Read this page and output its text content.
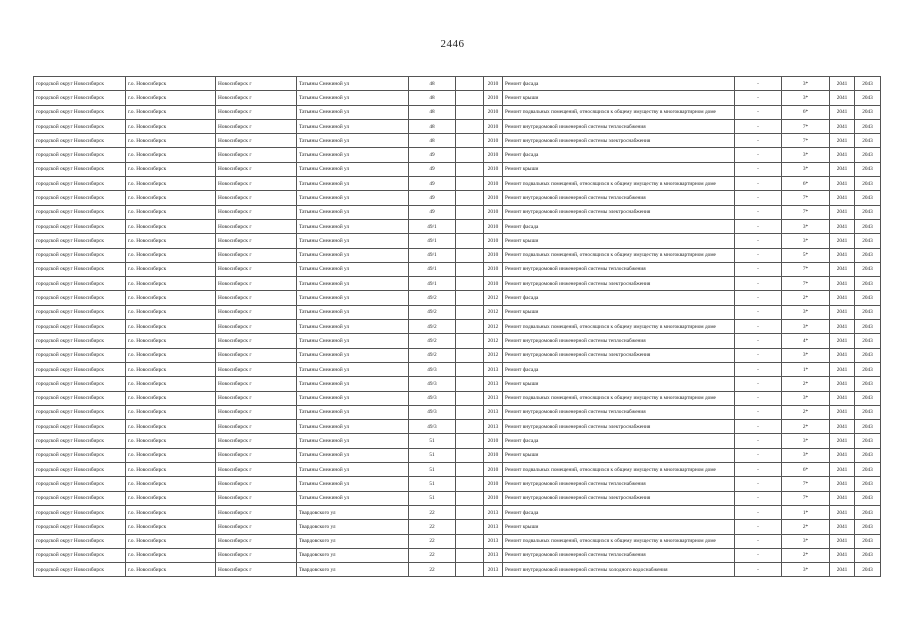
2446
городской округ Новосибирск	г.о. Новосибирск	Новосибирск г	Татьяны Снежиной ул	48		2010	Ремонт фасада	-	3*	2041	2043
городской округ Новосибирск	г.о. Новосибирск	Новосибирск г	Татьяны Снежиной ул	48		2010	Ремонт крыши	-	3*	2041	2043
городской округ Новосибирск	г.о. Новосибирск	Новосибирск г	Татьяны Снежиной ул	48		2010	Ремонт подвальных помещений, относящихся к общему имуществу в многоквартирном доме	-	6*	2041	2043
городской округ Новосибирск	г.о. Новосибирск	Новосибирск г	Татьяны Снежиной ул	48		2010	Ремонт внутридомовой инженерной системы теплоснабжения	-	7*	2041	2043
городской округ Новосибирск	г.о. Новосибирск	Новосибирск г	Татьяны Снежиной ул	48		2010	Ремонт внутридомовой инженерной системы электроснабжения	-	7*	2041	2043
городской округ Новосибирск	г.о. Новосибирск	Новосибирск г	Татьяны Снежиной ул	49		2010	Ремонт фасада	-	3*	2041	2043
городской округ Новосибирск	г.о. Новосибирск	Новосибирск г	Татьяны Снежиной ул	49		2010	Ремонт крыши	-	3*	2041	2043
городской округ Новосибирск	г.о. Новосибирск	Новосибирск г	Татьяны Снежиной ул	49		2010	Ремонт подвальных помещений, относящихся к общему имуществу в многоквартирном доме	-	6*	2041	2043
городской округ Новосибирск	г.о. Новосибирск	Новосибирск г	Татьяны Снежиной ул	49		2010	Ремонт внутридомовой инженерной системы теплоснабжения	-	7*	2041	2043
городской округ Новосибирск	г.о. Новосибирск	Новосибирск г	Татьяны Снежиной ул	49		2010	Ремонт внутридомовой инженерной системы электроснабжения	-	7*	2041	2043
городской округ Новосибирск	г.о. Новосибирск	Новосибирск г	Татьяны Снежиной ул	49/1		2010	Ремонт фасада	-	3*	2041	2043
городской округ Новосибирск	г.о. Новосибирск	Новосибирск г	Татьяны Снежиной ул	49/1		2010	Ремонт крыши	-	3*	2041	2043
городской округ Новосибирск	г.о. Новосибирск	Новосибирск г	Татьяны Снежиной ул	49/1		2010	Ремонт подвальных помещений, относящихся к общему имуществу в многоквартирном доме	-	5*	2041	2043
городской округ Новосибирск	г.о. Новосибирск	Новосибирск г	Татьяны Снежиной ул	49/1		2010	Ремонт внутридомовой инженерной системы теплоснабжения	-	7*	2041	2043
городской округ Новосибирск	г.о. Новосибирск	Новосибирск г	Татьяны Снежиной ул	49/1		2010	Ремонт внутридомовой инженерной системы электроснабжения	-	7*	2041	2043
городской округ Новосибирск	г.о. Новосибирск	Новосибирск г	Татьяны Снежиной ул	49/2		2012	Ремонт фасада	-	2*	2041	2043
городской округ Новосибирск	г.о. Новосибирск	Новосибирск г	Татьяны Снежиной ул	49/2		2012	Ремонт крыши	-	3*	2041	2043
городской округ Новосибирск	г.о. Новосибирск	Новосибирск г	Татьяны Снежиной ул	49/2		2012	Ремонт подвальных помещений, относящихся к общему имуществу в многоквартирном доме	-	3*	2041	2043
городской округ Новосибирск	г.о. Новосибирск	Новосибирск г	Татьяны Снежиной ул	49/2		2012	Ремонт внутридомовой инженерной системы теплоснабжения	-	4*	2041	2043
городской округ Новосибирск	г.о. Новосибирск	Новосибирск г	Татьяны Снежиной ул	49/2		2012	Ремонт внутридомовой инженерной системы электроснабжения	-	3*	2041	2043
городской округ Новосибирск	г.о. Новосибирск	Новосибирск г	Татьяны Снежиной ул	49/3		2013	Ремонт фасада	-	1*	2041	2043
городской округ Новосибирск	г.о. Новосибирск	Новосибирск г	Татьяны Снежиной ул	49/3		2013	Ремонт крыши	-	2*	2041	2043
городской округ Новосибирск	г.о. Новосибирск	Новосибирск г	Татьяны Снежиной ул	49/3		2013	Ремонт подвальных помещений, относящихся к общему имуществу в многоквартирном доме	-	3*	2041	2043
городской округ Новосибирск	г.о. Новосибирск	Новосибирск г	Татьяны Снежиной ул	49/3		2013	Ремонт внутридомовой инженерной системы теплоснабжения	-	2*	2041	2043
городской округ Новосибирск	г.о. Новосибирск	Новосибирск г	Татьяны Снежиной ул	49/3		2013	Ремонт внутридомовой инженерной системы электроснабжения	-	2*	2041	2043
городской округ Новосибирск	г.о. Новосибирск	Новосибирск г	Татьяны Снежиной ул	51		2010	Ремонт фасада	-	3*	2041	2043
городской округ Новосибирск	г.о. Новосибирск	Новосибирск г	Татьяны Снежиной ул	51		2010	Ремонт крыши	-	3*	2041	2043
городской округ Новосибирск	г.о. Новосибирск	Новосибирск г	Татьяны Снежиной ул	51		2010	Ремонт подвальных помещений, относящихся к общему имуществу в многоквартирном доме	-	6*	2041	2043
городской округ Новосибирск	г.о. Новосибирск	Новосибирск г	Татьяны Снежиной ул	51		2010	Ремонт внутридомовой инженерной системы теплоснабжения	-	7*	2041	2043
городской округ Новосибирск	г.о. Новосибирск	Новосибирск г	Татьяны Снежиной ул	51		2010	Ремонт внутридомовой инженерной системы электроснабжения	-	7*	2041	2043
городской округ Новосибирск	г.о. Новосибирск	Новосибирск г	Твардовского ул	22		2013	Ремонт фасада	-	1*	2041	2043
городской округ Новосибирск	г.о. Новосибирск	Новосибирск г	Твардовского ул	22		2013	Ремонт крыши	-	2*	2041	2043
городской округ Новосибирск	г.о. Новосибирск	Новосибирск г	Твардовского ул	22		2013	Ремонт подвальных помещений, относящихся к общему имуществу в многоквартирном доме	-	3*	2041	2043
городской округ Новосибирск	г.о. Новосибирск	Новосибирск г	Твардовского ул	22		2013	Ремонт внутридомовой инженерной системы теплоснабжения	-	2*	2041	2043
городской округ Новосибирск	г.о. Новосибирск	Новосибирск г	Твардовского ул	22		2013	Ремонт внутридомовой инженерной системы холодного водоснабжения	-	3*	2041	2043
